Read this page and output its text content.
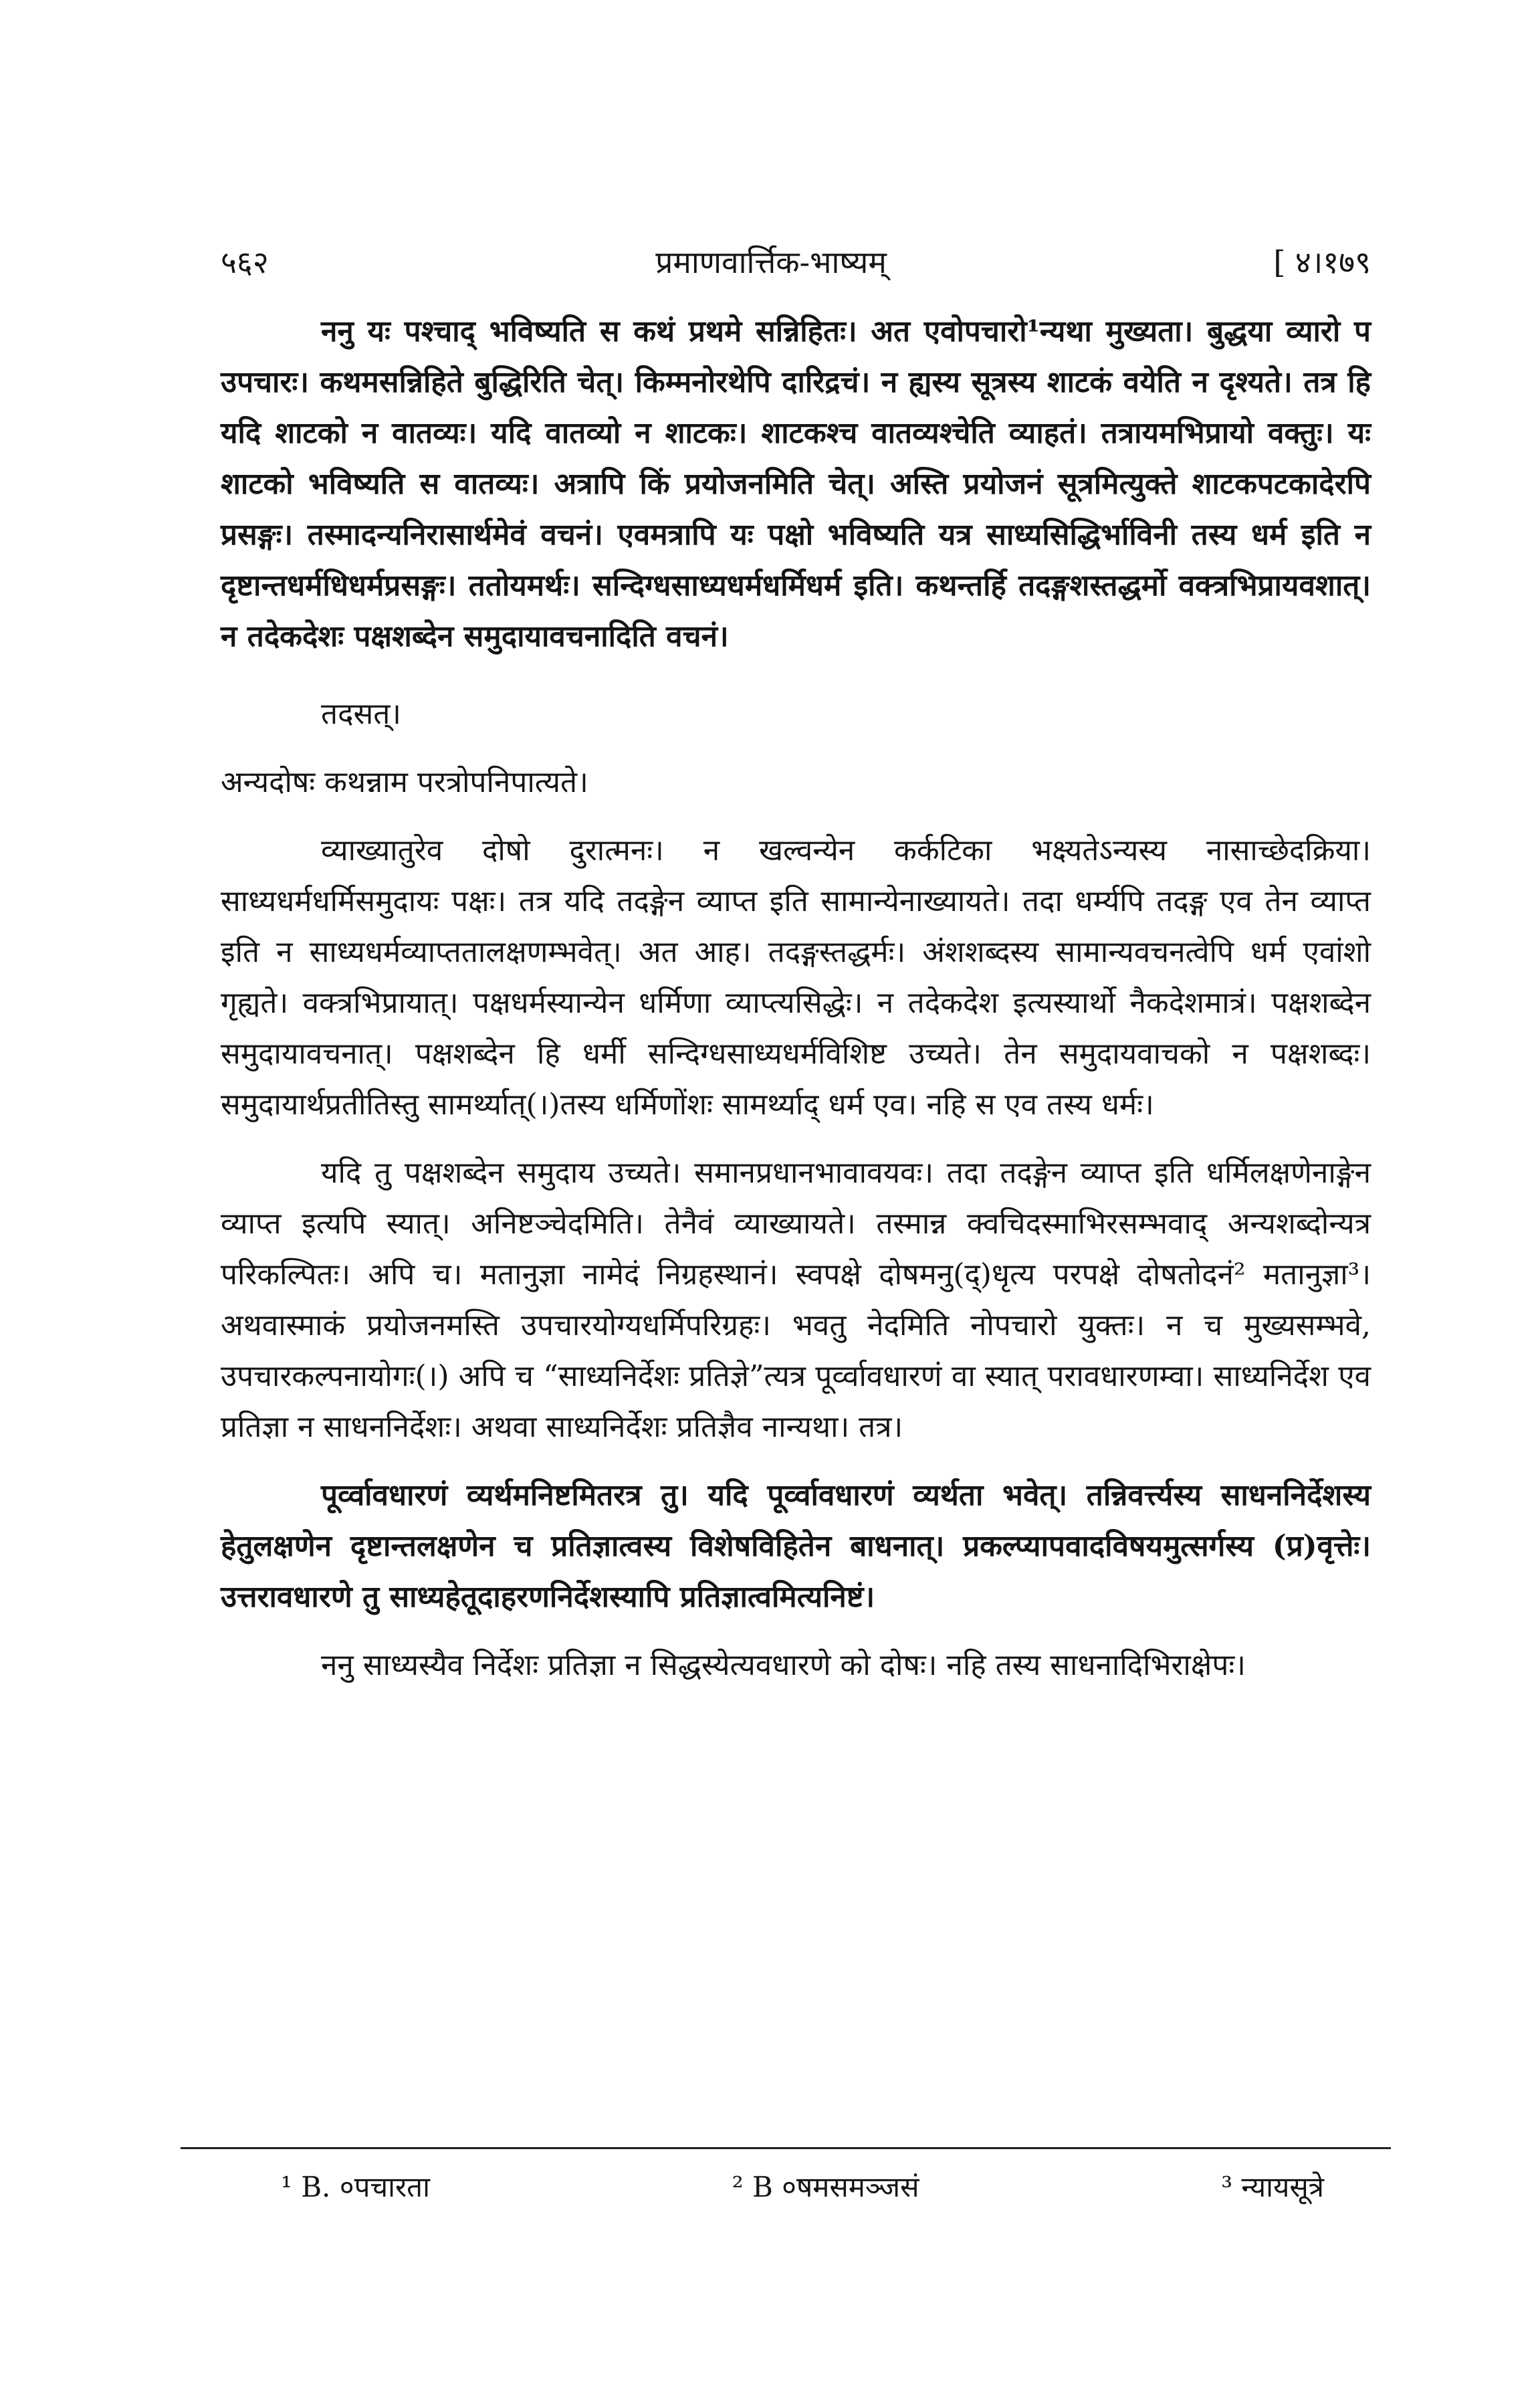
५६२	प्रमाणवार्त्तिक-भाष्यम्	[ ४।१७९

ननु यः पश्चाद् भविष्यति स कथं प्रथमे सन्निहितः। अत एवोपचारो¹न्यथा मुख्यता। बुद्धया व्यारो प उपचारः। कथमसन्निहिते बुद्धिरिति चेत्। किम्मनोरथेपि दारिद्रचं। न ह्यस्य सूत्रस्य शाटकं वयेति न दृश्यते। तत्र हि यदि शाटको न वातव्यः। यदि वातव्यो न शाटकः। शाटकश्च वातव्यश्चेति व्याहतं। तत्रायमभिप्रायो वक्तुः। यः शाटको भविष्यति स वातव्यः। अत्रापि किं प्रयोजनमिति चेत्। अस्ति प्रयोजनं सूत्रमित्युक्ते शाटकपटकादेरपि प्रसङ्गः। तस्मादन्यनिरासार्थमेवं वचनं। एवमत्रापि यः पक्षो भविष्यति यत्र साध्यसिद्धिर्भाविनी तस्य धर्म इति न दृष्टान्तधर्मधिधर्मप्रसङ्गः। ततोयमर्थः। सन्दिग्धसाध्यधर्मधर्मिधर्म इति। कथन्तर्हि तदङ्गशस्तद्धर्मो वक्त्रभिप्रायवशात्। न तदेकदेशः पक्षशब्देन समुदायावचनादिति वचनं।

तदसत्।

अन्यदोषः कथन्नाम परत्रोपनिपात्यते।

व्याख्यातुरेव दोषो दुरात्मनः। न खल्वन्येन कर्कटिका भक्ष्यतेऽन्यस्य नासाच्छेदक्रिया। साध्यधर्मधर्मिसमुदायः पक्षः। तत्र यदि तदङ्गेन व्याप्त इति सामान्येनाख्यायते। तदा धर्म्यपि तदङ्ग एव तेन व्याप्त इति न साध्यधर्मव्याप्ततालक्षणम्भवेत्। अत आह। तदङ्गस्तद्धर्मः। अंशशब्दस्य सामान्यवचनत्वेपि धर्म एवांशो गृह्यते। वक्त्रभिप्रायात्। पक्षधर्मस्यान्येन धर्मिणा व्याप्त्यसिद्धेः। न तदेकदेश इत्यस्यार्थो नैकदेशमात्रं। पक्षशब्देन समुदायावचनात्। पक्षशब्देन हि धर्मी सन्दिग्धसाध्यधर्मविशिष्ट उच्यते। तेन समुदायवाचको न पक्षशब्दः। समुदायार्थप्रतीतिस्तु सामर्थ्यात्(।)तस्य धर्मिणोंशः सामर्थ्याद् धर्म एव। नहि स एव तस्य धर्मः।

यदि तु पक्षशब्देन समुदाय उच्यते। समानप्रधानभावावयवः। तदा तदङ्गेन व्याप्त इति धर्मिलक्षणेनाङ्गेन व्याप्त इत्यपि स्यात्। अनिष्टञ्चेदमिति। तेनैवं व्याख्यायते। तस्मान्न क्वचिदस्माभिरसम्भवाद् अन्यशब्दोन्यत्र परिकल्पितः। अपि च। मतानुज्ञा नामेदं निग्रहस्थानं। स्वपक्षे दोषमनु(द्)धृत्य परपक्षे दोषतोदनं² मतानुज्ञा³। अथवास्माकं प्रयोजनमस्ति उपचारयोग्यधर्मिपरिग्रहः। भवतु नेदमिति नोपचारो युक्तः। न च मुख्यसम्भवे, उपचारकल्पनायोगः(।) अपि च “साध्यनिर्देशः प्रतिज्ञे”त्यत्र पूर्व्वावधारणं वा स्यात् परावधारणम्वा। साध्यनिर्देश एव प्रतिज्ञा न साधननिर्देशः। अथवा साध्यनिर्देशः प्रतिज्ञैव नान्यथा। तत्र।

पूर्व्वावधारणं व्यर्थमनिष्टमितरत्र तु। यदि पूर्व्वावधारणं व्यर्थता भवेत्। तन्निवर्त्त्यस्य साधननिर्देशस्य हेतुलक्षणेन दृष्टान्तलक्षणेन च प्रतिज्ञात्वस्य विशेषविहितेन बाधनात्। प्रकल्प्यापवादविषयमुत्सर्गस्य (प्र)वृत्तेः। उत्तरावधारणे तु साध्यहेतूदाहरणनिर्देशस्यापि प्रतिज्ञात्वमित्यनिष्टं।

ननु साध्यस्यैव निर्देशः प्रतिज्ञा न सिद्धस्येत्यवधारणे को दोषः। नहि तस्य साधनादिभिराक्षेपः।

¹ B. ०पचारता	² B ०षमसमञ्जसं	³ न्यायसूत्रे
